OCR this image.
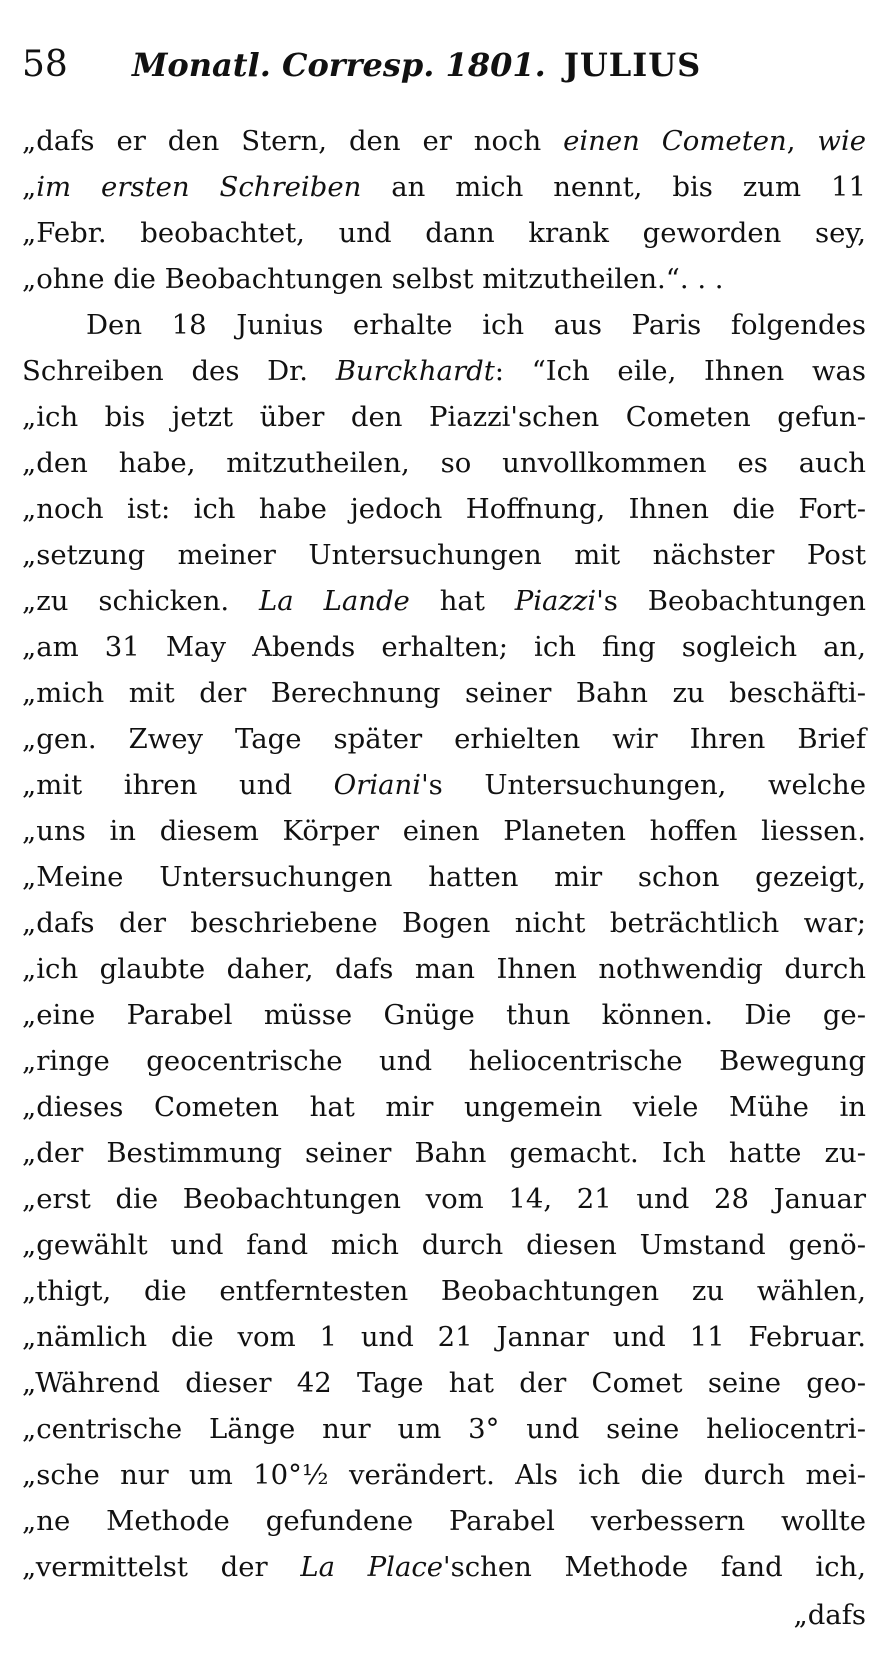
58	Monatl. Corresp. 1801. JULIUS
„dafs er den Stern, den er noch einen Cometen, wie
„im ersten Schreiben an mich nennt, bis zum 11
„Febr. beobachtet, und dann krank geworden sey,
„ohne die Beobachtungen selbst mitzutheilen.“. . .
Den 18 Junius erhalte ich aus Paris folgendes
Schreiben des Dr. Burckhardt: “Ich eile, Ihnen was
„ich bis jetzt über den Piazzi'schen Cometen gefun-
„den habe, mitzutheilen, so unvollkommen es auch
„noch ist: ich habe jedoch Hoffnung, Ihnen die Fort-
„setzung meiner Untersuchungen mit nächster Post
„zu schicken. La Lande hat Piazzi's Beobachtungen
„am 31 May Abends erhalten; ich fing sogleich an,
„mich mit der Berechnung seiner Bahn zu beschäfti-
„gen. Zwey Tage später erhielten wir Ihren Brief
„mit ihren und Oriani's Untersuchungen, welche
„uns in diesem Körper einen Planeten hoffen liessen.
„Meine Untersuchungen hatten mir schon gezeigt,
„dafs der beschriebene Bogen nicht beträchtlich war;
„ich glaubte daher, dafs man Ihnen nothwendig durch
„eine Parabel müsse Gnüge thun können. Die ge-
„ringe geocentrische und heliocentrische Bewegung
„dieses Cometen hat mir ungemein viele Mühe in
„der Bestimmung seiner Bahn gemacht. Ich hatte zu-
„erst die Beobachtungen vom 14, 21 und 28 Januar
„gewählt und fand mich durch diesen Umstand genö-
„thigt, die entferntesten Beobachtungen zu wählen,
„nämlich die vom 1 und 21 Jannar und 11 Februar.
„Während dieser 42 Tage hat der Comet seine geo-
„centrische Länge nur um 3° und seine heliocentri-
„sche nur um 10°½ verändert. Als ich die durch mei-
„ne Methode gefundene Parabel verbessern wollte
„vermittelst der La Place'schen Methode fand ich,
„dafs
